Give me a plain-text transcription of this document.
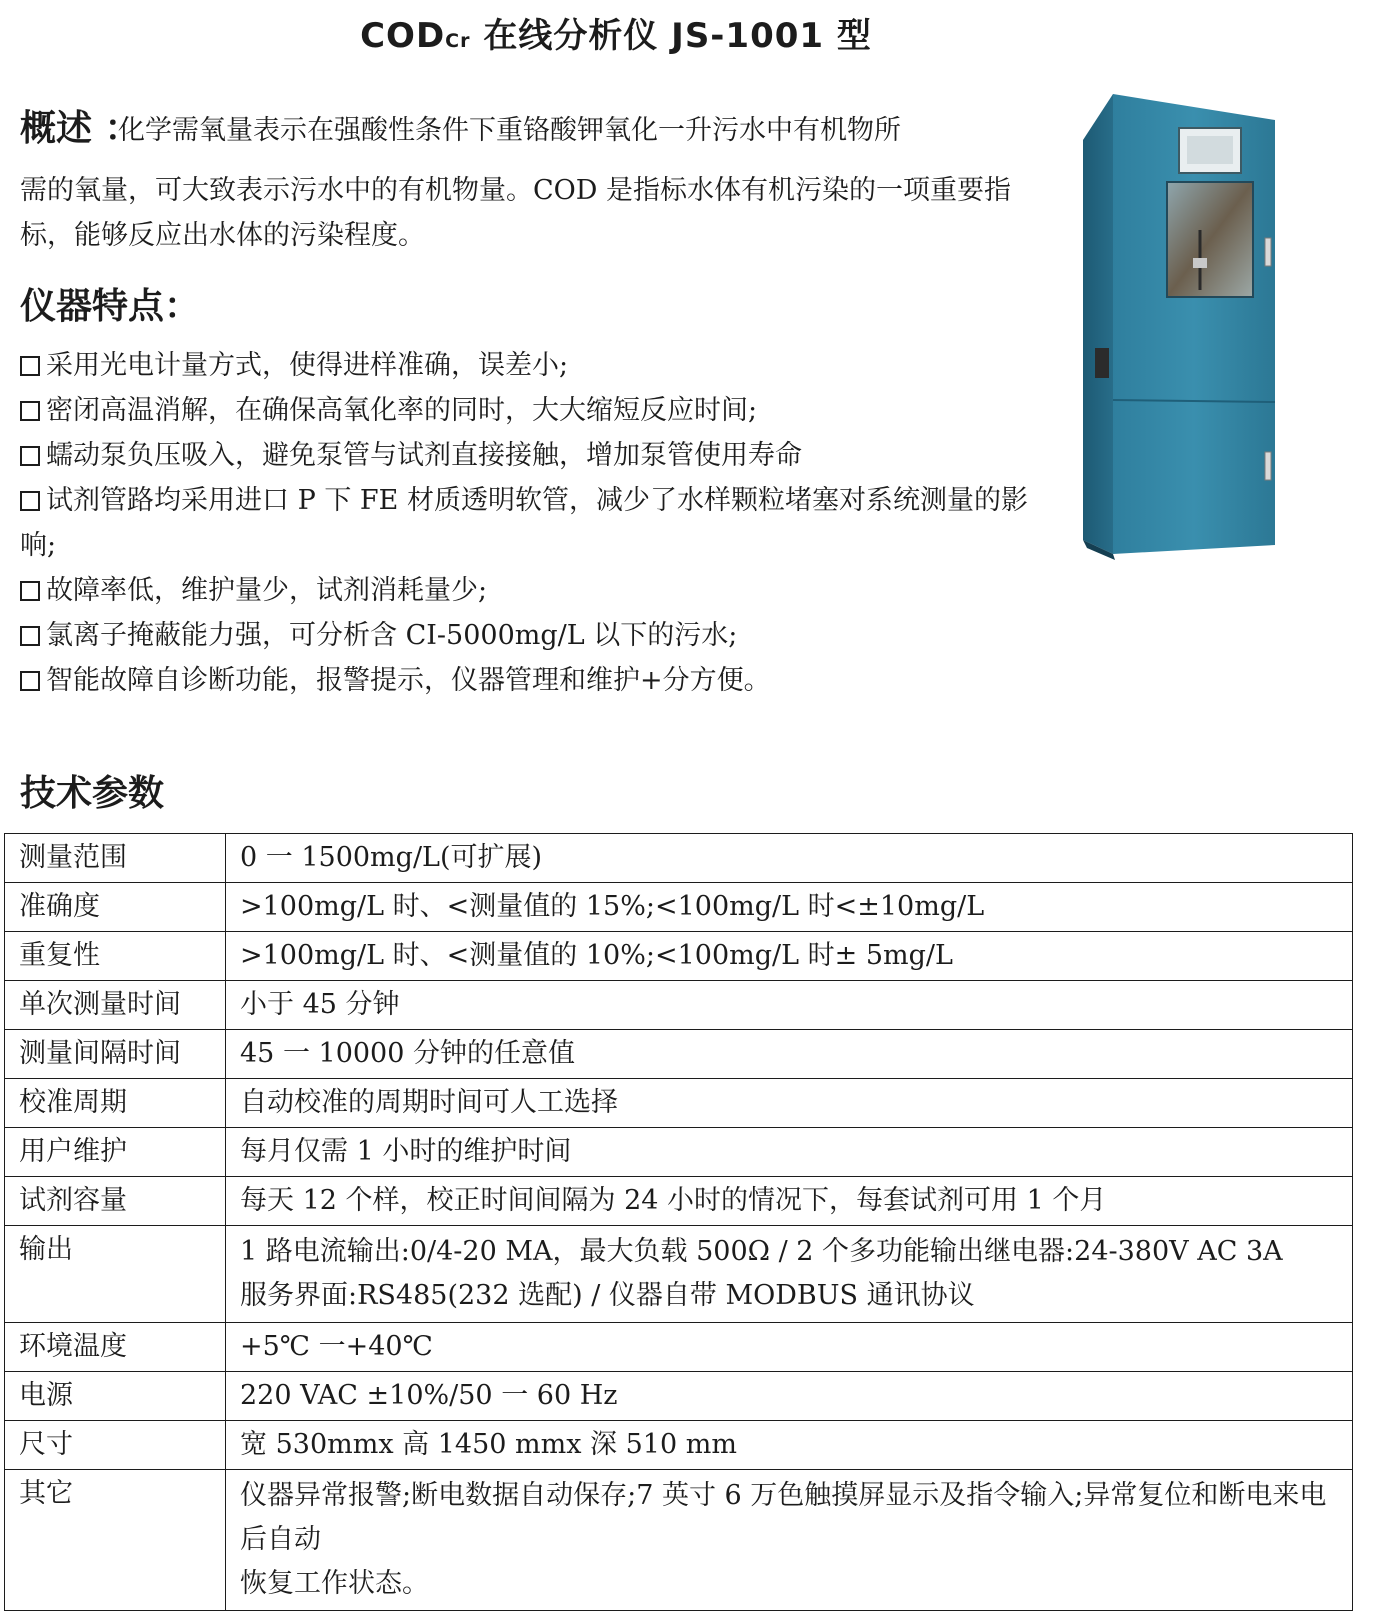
CODCr 在线分析仪 JS-1001 型
概述 ：
化学需氧量表示在强酸性条件下重铬酸钾氧化一升污水中有机物所
需的氧量，可大致表示污水中的有机物量。COD 是指标水体有机污染的一项重要指标，能够反应出水体的污染程度。
仪器特点：
采用光电计量方式，使得进样准确，误差小;
密闭高温消解，在确保高氧化率的同时，大大缩短反应时间;
蠕动泵负压吸入，避免泵管与试剂直接接触，增加泵管使用寿命
试剂管路均采用进口 P 下 FE 材质透明软管，减少了水样颗粒堵塞对系统测量的影响;
故障率低，维护量少，试剂消耗量少;
氯离子掩蔽能力强，可分析含 CI-5000mg/L 以下的污水;
智能故障自诊断功能，报警提示，仪器管理和维护+分方便。
技术参数
测量范围	0 一 1500mg/L(可扩展)
准确度	>100mg/L 时、<测量值的 15%;<100mg/L 时<±10mg/L
重复性	>100mg/L 时、<测量值的 10%;<100mg/L 时± 5mg/L
单次测量时间	小于 45 分钟
测量间隔时间	45 一 10000 分钟的任意值
校准周期	自动校准的周期时间可人工选择
用户维护	每月仅需 1 小时的维护时间
试剂容量	每天 12 个样，校正时间间隔为 24 小时的情况下，每套试剂可用 1 个月
输出	1 路电流输出:0/4-20 MA，最大负载 500Ω / 2 个多功能输出继电器:24-380V AC 3A
服务界面:RS485(232 选配) / 仪器自带 MODBUS 通讯协议

环境温度	+5℃ 一+40℃
电源	220 VAC ±10%/50 一 60 Hz
尺寸	宽 530mmx 高 1450 mmx 深 510 mm
其它	仪器异常报警;断电数据自动保存;7 英寸 6 万色触摸屏显示及指令输入;异常复位和断电来电后自动
恢复工作状态。
